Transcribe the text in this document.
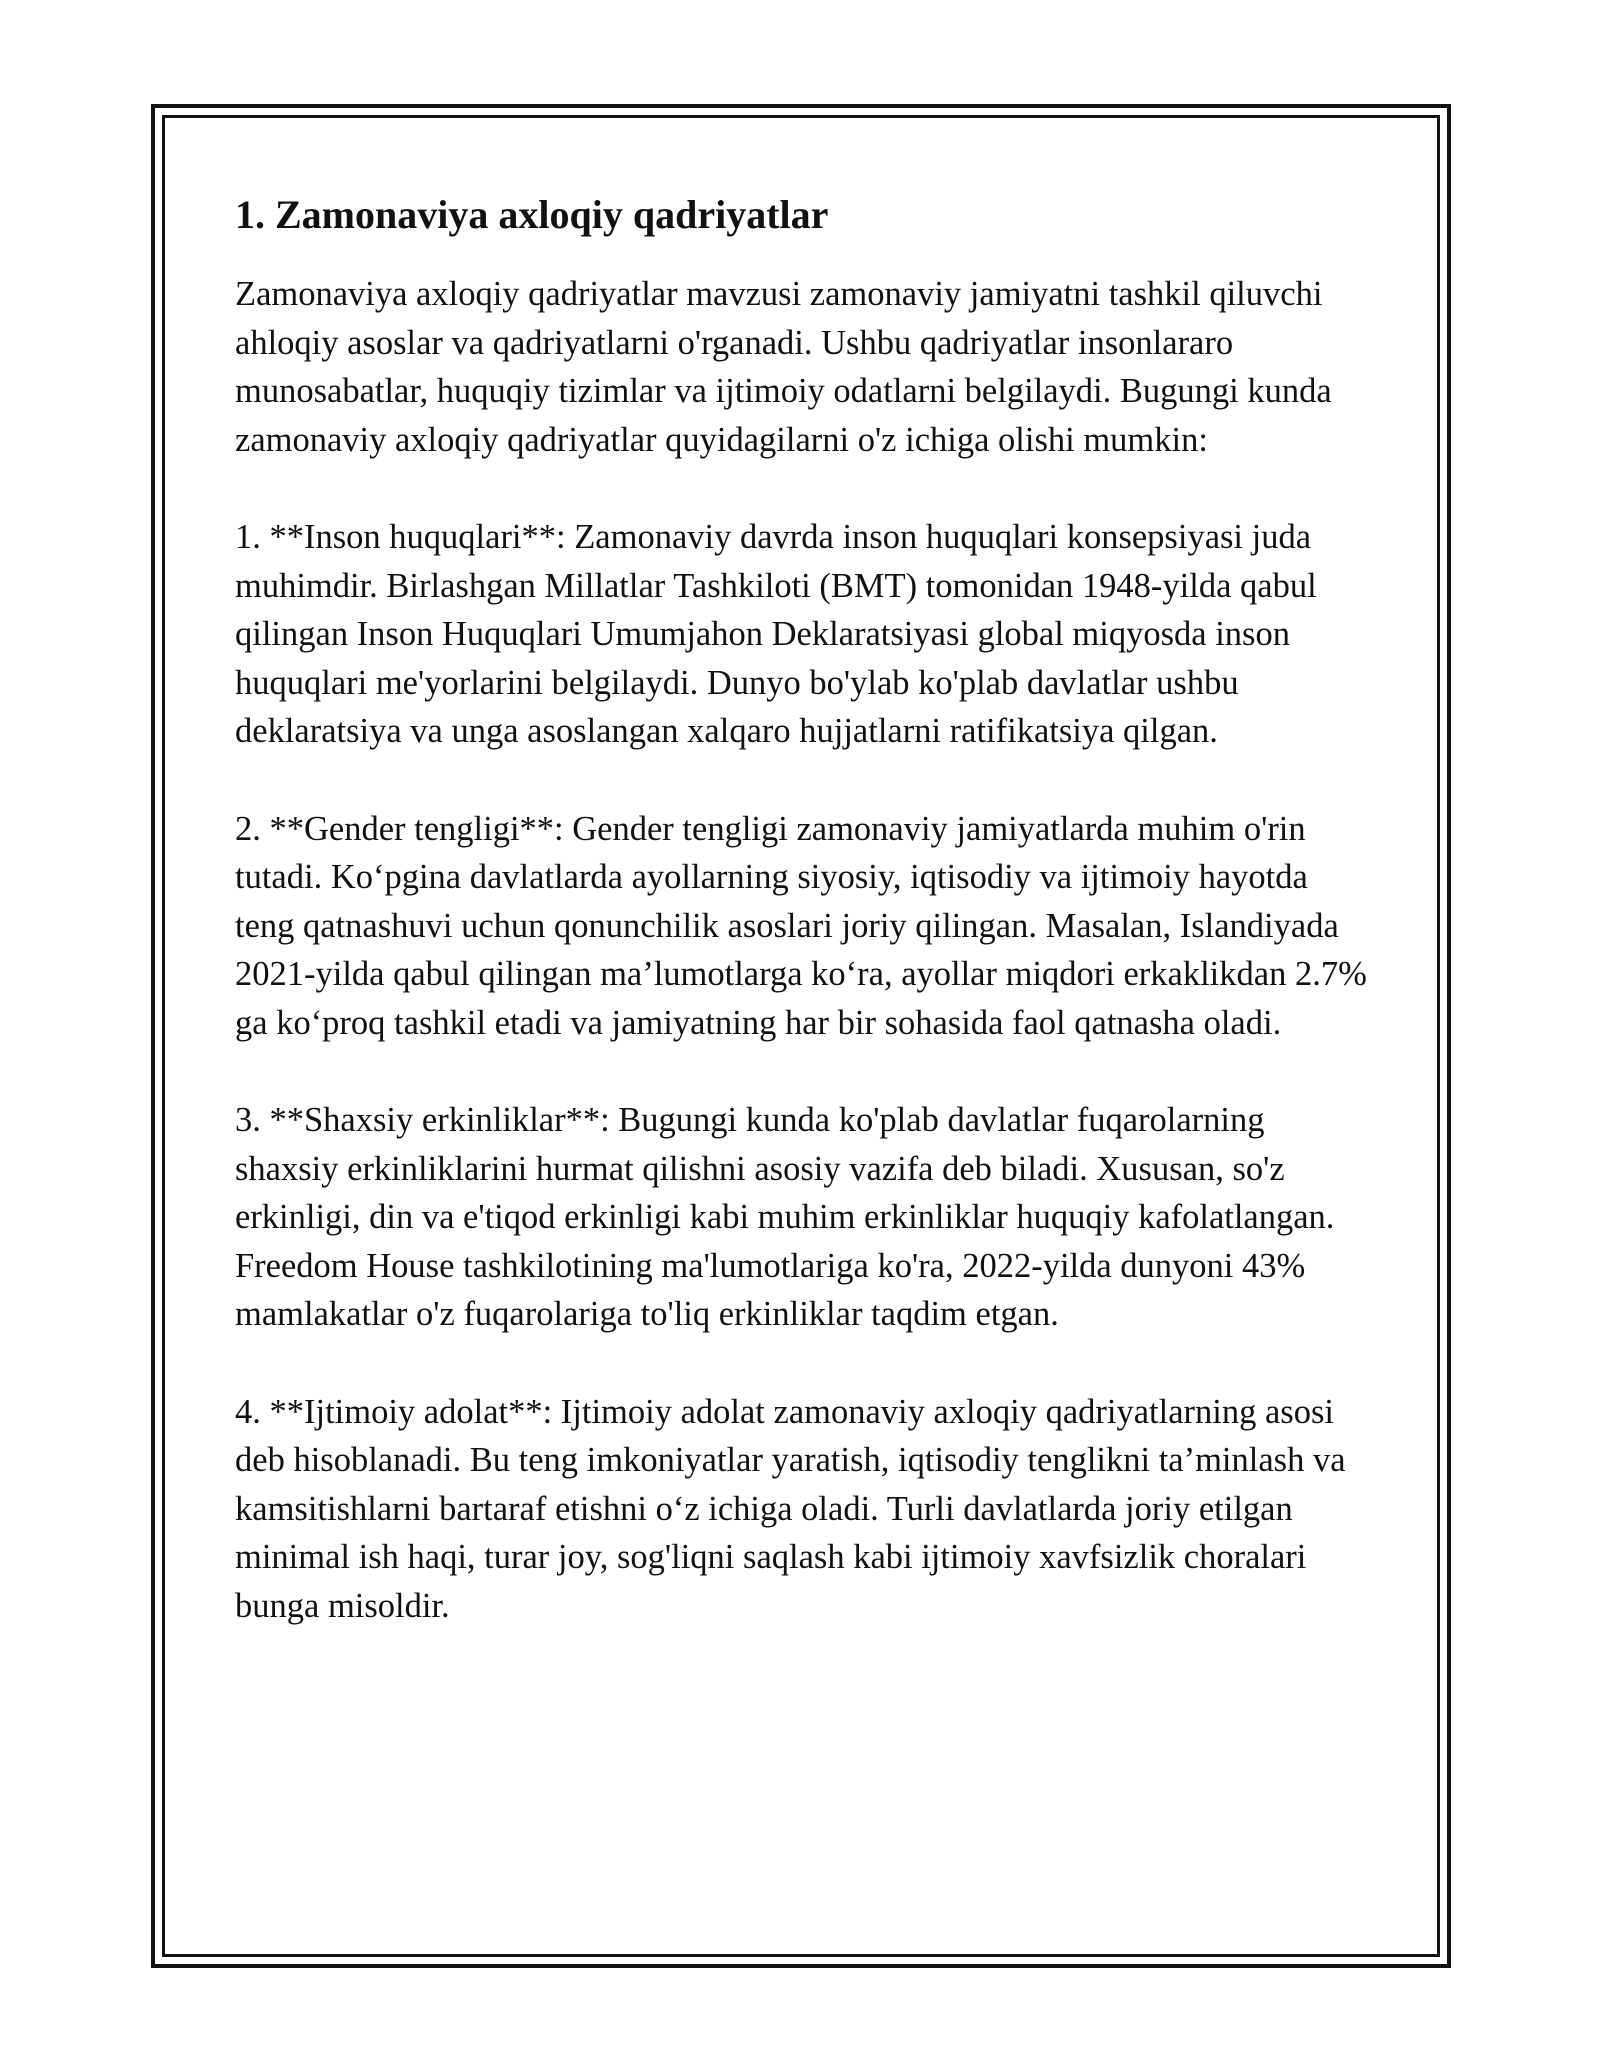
1. Zamonaviya axloqiy qadriyatlar

Zamonaviya axloqiy qadriyatlar mavzusi zamonaviy jamiyatni tashkil qiluvchi ahloqiy asoslar va qadriyatlarni o'rganadi. Ushbu qadriyatlar insonlararo munosabatlar, huquqiy tizimlar va ijtimoiy odatlarni belgilaydi. Bugungi kunda zamonaviy axloqiy qadriyatlar quyidagilarni o'z ichiga olishi mumkin:

1. **Inson huquqlari**: Zamonaviy davrda inson huquqlari konsepsiyasi juda muhimdir. Birlashgan Millatlar Tashkiloti (BMT) tomonidan 1948-yilda qabul qilingan Inson Huquqlari Umumjahon Deklaratsiyasi global miqyosda inson huquqlari me'yorlarini belgilaydi. Dunyo bo'ylab ko'plab davlatlar ushbu deklaratsiya va unga asoslangan xalqaro hujjatlarni ratifikatsiya qilgan.

2. **Gender tengligi**: Gender tengligi zamonaviy jamiyatlarda muhim o'rin tutadi. Koʻpgina davlatlarda ayollarning siyosiy, iqtisodiy va ijtimoiy hayotda teng qatnashuvi uchun qonunchilik asoslari joriy qilingan. Masalan, Islandiyada 2021-yilda qabul qilingan ma’lumotlarga koʻra, ayollar miqdori erkaklikdan 2.7% ga koʻproq tashkil etadi va jamiyatning har bir sohasida faol qatnasha oladi.

3. **Shaxsiy erkinliklar**: Bugungi kunda ko'plab davlatlar fuqarolarning shaxsiy erkinliklarini hurmat qilishni asosiy vazifa deb biladi. Xususan, so'z erkinligi, din va e'tiqod erkinligi kabi muhim erkinliklar huquqiy kafolatlangan. Freedom House tashkilotining ma'lumotlariga ko'ra, 2022-yilda dunyoni 43% mamlakatlar o'z fuqarolariga to'liq erkinliklar taqdim etgan.

4. **Ijtimoiy adolat**: Ijtimoiy adolat zamonaviy axloqiy qadriyatlarning asosi deb hisoblanadi. Bu teng imkoniyatlar yaratish, iqtisodiy tenglikni ta’minlash va kamsitishlarni bartaraf etishni oʻz ichiga oladi. Turli davlatlarda joriy etilgan minimal ish haqi, turar joy, sog'liqni saqlash kabi ijtimoiy xavfsizlik choralari bunga misoldir.
